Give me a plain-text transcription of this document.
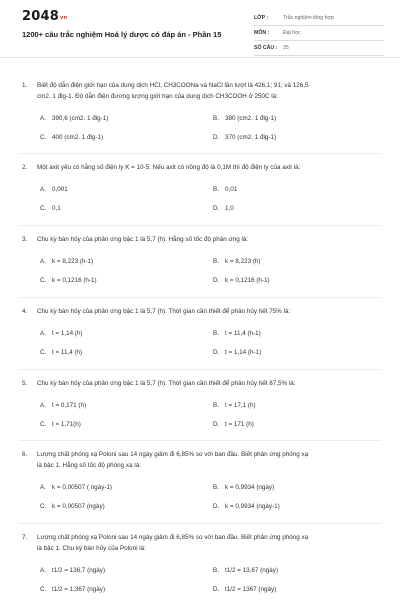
2048vn
1200+ câu trắc nghiệm Hoá lý dược có đáp án - Phần 15
LỚP :	Trắc nghiệm tổng hợp
MÔN :	Đại học
SỐ CÂU :	25
1. Biết độ dẫn điện giới hạn của dung dịch HCl, CH3COONa và NaCl lần lượt là 426,1; 91; và 126,5
cm2. 1 đlg-1. Độ dẫn điện đương lượng giới hạn của dung dịch CH3COOH ở 250C là:
A. 390,6 (cm2. 1 đlg-1)	B. 380 (cm2. 1 đlg-1)
C. 400 (cm2. 1 đlg-1)	D. 370 (cm2. 1 đlg-1)
2. Một axit yếu có hằng số điện ly K = 10-5. Nếu axit có nồng độ là 0,1M thì độ điện ly của axit là:
A. 0,001	B. 0,01
C. 0,1	D. 1,0
3. Chu kỳ bán hủy của phản ứng bậc 1 là 5,7 (h). Hằng số tốc độ phản ứng là:
A. k = 8,223 (h-1)	B. k = 8,223 (h)
C. k = 0,1216 (h-1)	D. k = 0,1216 (h-1)
4. Chu kỳ bán hủy của phản ứng bậc 1 là 5,7 (h). Thời gian cần thiết để phân hủy hết 75% là:
A. t = 1,14 (h)	B. t = 11,4 (h-1)
C. t = 11,4 (h)	D. t = 1,14 (h-1)
5. Chu kỳ bán hủy của phản ứng bậc 1 là 5,7 (h). Thời gian cần thiết để phân hủy hết 87,5% là:
A. t = 0,171 (h)	B. t = 17,1 (h)
C. t = 1,71(h)	D. t = 171 (h)
6. Lượng chất phóng xạ Poloni sau 14 ngày giảm đi 6,85% so với ban đầu. Biết phản ứng phóng xạ
là bậc 1. Hằng số tốc độ phóng xạ là:
A. k = 0,00507 ( ngày-1)	B. k = 0,9934 (ngày)
C. k = 0,00507 (ngày)	D. k = 0,9934 (ngày-1)
7. Lượng chất phóng xạ Poloni sau 14 ngày giảm đi 6,85% so với ban đầu. Biết phản ứng phóng xạ
là bậc 1. Chu kỳ bán hủy của Poloni là:
A. t1/2 = 136,7 (ngày)	B. t1/2 = 13,67 (ngày)
C. t1/2 = 1,367 (ngày)	D. t1/2 = 1367 (ngày)
